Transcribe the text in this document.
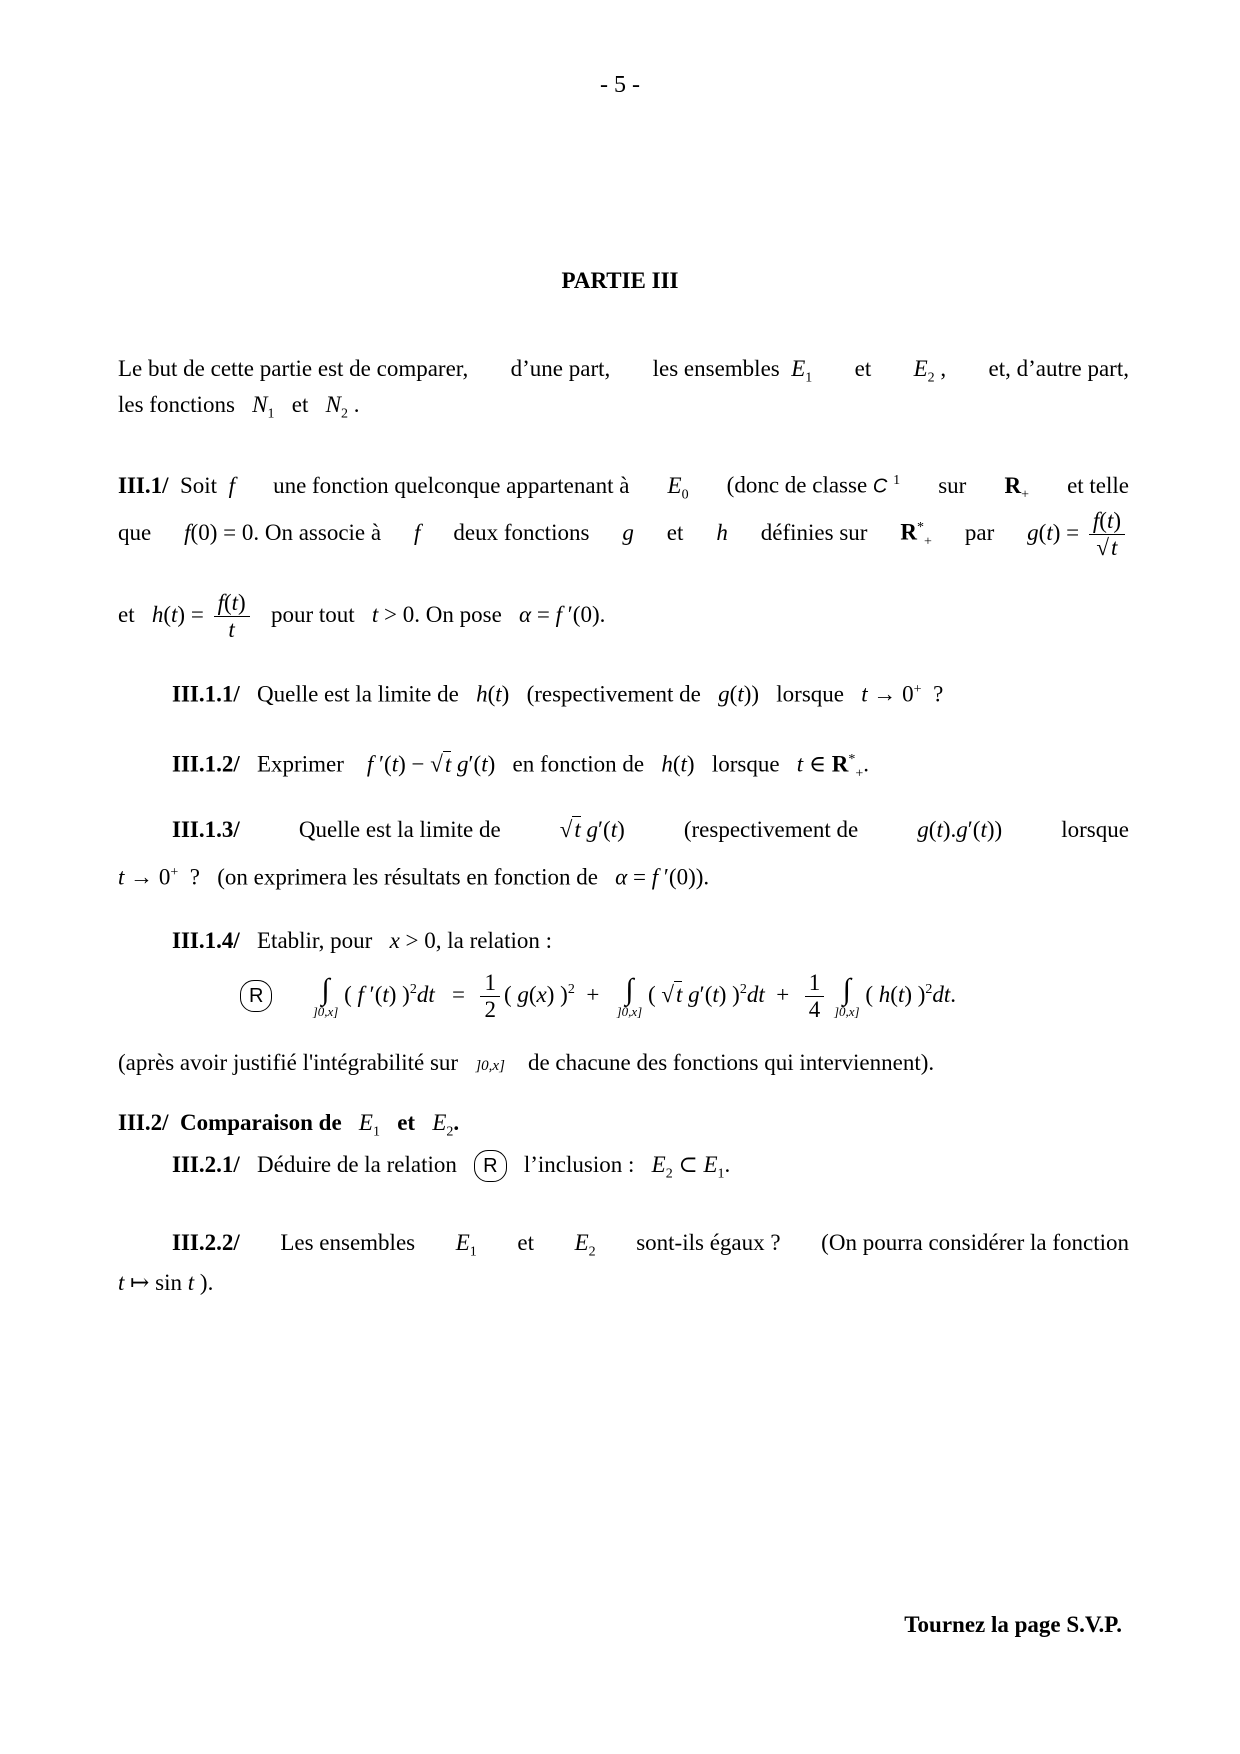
- 5 -
PARTIE III
Le but de cette partie est de comparer, d’une part, les ensembles $E_1$ et $E_2$ , et, d’autre part,
les fonctions $N_1$ et $N_2$ .
III.1/ Soit f une fonction quelconque appartenant à $E_0$ (donc de classe C $^1$ sur $R_+$ et telle
que f(0) = 0. On associe à f deux fonctions g et h définies sur $R^*_+$ par $g(t) = \frac{f(t)}{√t}$
et $h(t) = \frac{f(t)}{t}$ pour tout t > 0. On pose α = f ′(0).
III.1.1/ Quelle est la limite de h(t)   (respectivement de g(t))   lorsque t → 0+  ?
III.1.2/ Exprimer f ′(t) − √t g′(t)   en fonction de h(t)   lorsque t ∈ $R^*_+$.
III.1.3/	Quelle est la limite de	√t g′(t)	(respectivement de	g(t).g′(t))	lorsque
t → 0+  ?   (on exprimera les résultats en fonction de α = f ′(0)).
III.1.4/ Etablir, pour x > 0, la relation :
R ∫
]0,x]
( f ′(t) )$^2dt = \frac{1}{2}$ ( g(x) )$^2$  +   ∫
]0,x]
( √t g′(t) )$^2dt + \frac{1}{4}$ ∫
]0,x]
( h(t) )$^2$dt.
(après avoir justifié l'intégrabilité sur ]0,x] de chacune des fonctions qui interviennent).
III.2/ Comparaison de $E_1$ et $E_2$.
III.2.1/ Déduire de la relation R l’inclusion : $E_2$ ⊂ $E_1$.
III.2.2/ Les ensembles $E_1$ et $E_2$ sont-ils égaux ? (On pourra considérer la fonction
t ↦ sin t ).
Tournez la page S.V.P.
